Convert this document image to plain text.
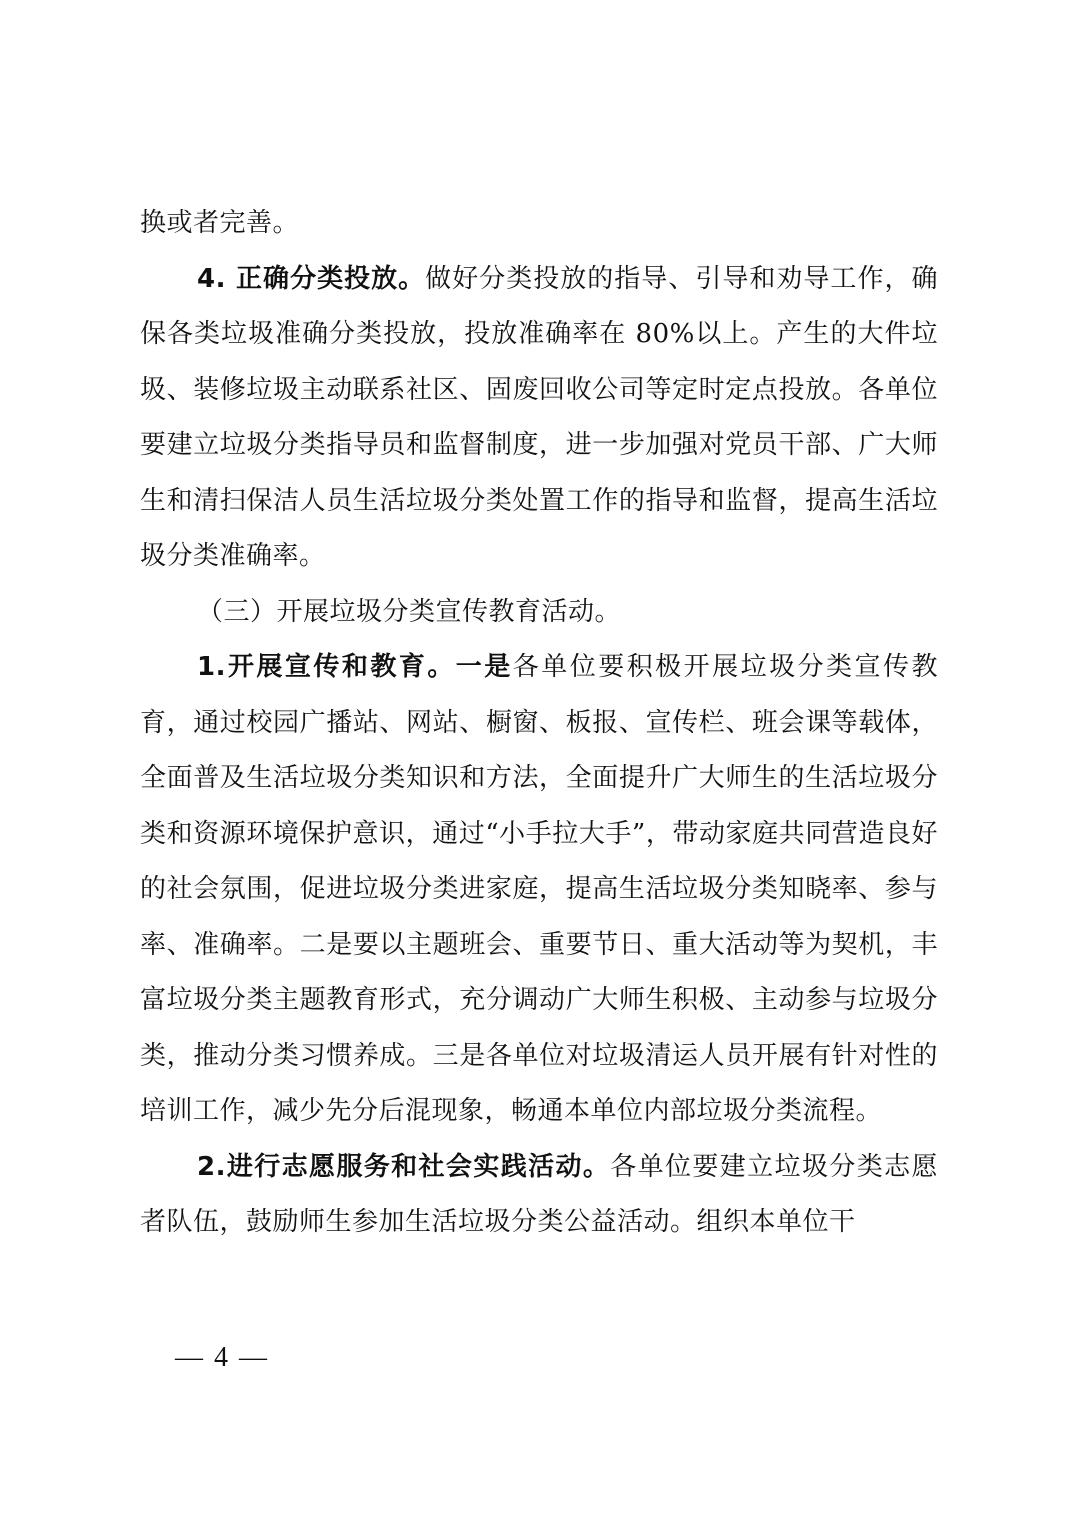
换或者完善。

4. 正确分类投放。做好分类投放的指导、引导和劝导工作，确保各类垃圾准确分类投放，投放准确率在 80%以上。产生的大件垃圾、装修垃圾主动联系社区、固废回收公司等定时定点投放。各单位要建立垃圾分类指导员和监督制度，进一步加强对党员干部、广大师生和清扫保洁人员生活垃圾分类处置工作的指导和监督，提高生活垃圾分类准确率。

（三）开展垃圾分类宣传教育活动。

1.开展宣传和教育。一是各单位要积极开展垃圾分类宣传教育，通过校园广播站、网站、橱窗、板报、宣传栏、班会课等载体，全面普及生活垃圾分类知识和方法，全面提升广大师生的生活垃圾分类和资源环境保护意识，通过“小手拉大手”，带动家庭共同营造良好的社会氛围，促进垃圾分类进家庭，提高生活垃圾分类知晓率、参与率、准确率。二是要以主题班会、重要节日、重大活动等为契机，丰富垃圾分类主题教育形式，充分调动广大师生积极、主动参与垃圾分类，推动分类习惯养成。三是各单位对垃圾清运人员开展有针对性的培训工作，减少先分后混现象，畅通本单位内部垃圾分类流程。

2.进行志愿服务和社会实践活动。各单位要建立垃圾分类志愿者队伍，鼓励师生参加生活垃圾分类公益活动。组织本单位干

— 4 —
